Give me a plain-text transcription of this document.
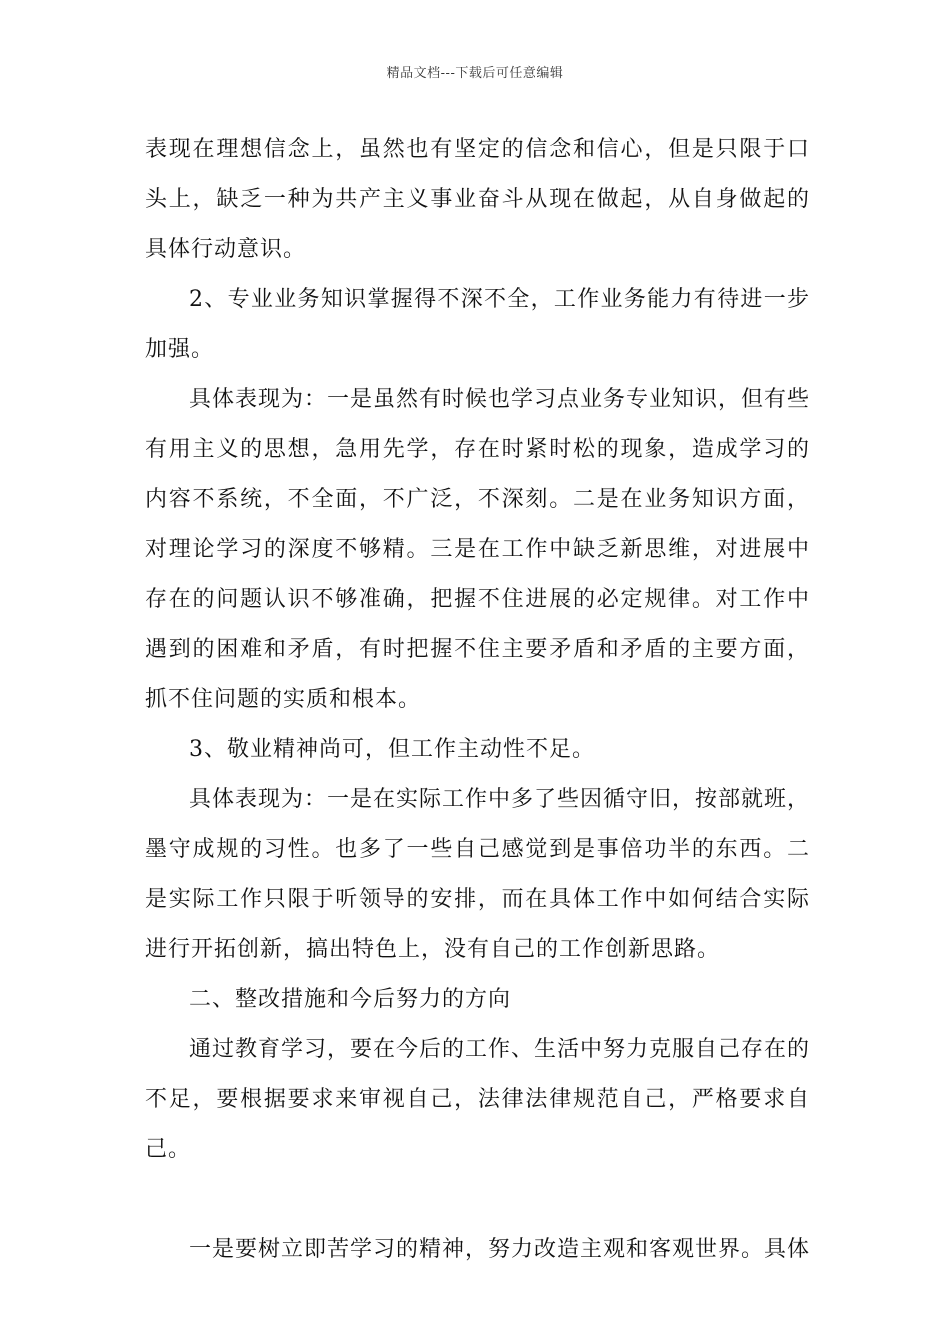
精品文档---下载后可任意编辑

表现在理想信念上，虽然也有坚定的信念和信心，但是只限于口头上，缺乏一种为共产主义事业奋斗从现在做起，从自身做起的具体行动意识。

2、专业业务知识掌握得不深不全，工作业务能力有待进一步加强。

具体表现为：一是虽然有时候也学习点业务专业知识，但有些有用主义的思想，急用先学，存在时紧时松的现象，造成学习的内容不系统，不全面，不广泛，不深刻。二是在业务知识方面，对理论学习的深度不够精。三是在工作中缺乏新思维，对进展中存在的问题认识不够准确，把握不住进展的必定规律。对工作中遇到的困难和矛盾，有时把握不住主要矛盾和矛盾的主要方面，抓不住问题的实质和根本。

3、敬业精神尚可，但工作主动性不足。

具体表现为：一是在实际工作中多了些因循守旧，按部就班，墨守成规的习性。也多了一些自己感觉到是事倍功半的东西。二是实际工作只限于听领导的安排，而在具体工作中如何结合实际进行开拓创新，搞出特色上，没有自己的工作创新思路。

二、整改措施和今后努力的方向

通过教育学习，要在今后的工作、生活中努力克服自己存在的不足，要根据要求来审视自己，法律法律规范自己，严格要求自己。

一是要树立即苦学习的精神，努力改造主观和客观世界。具体
